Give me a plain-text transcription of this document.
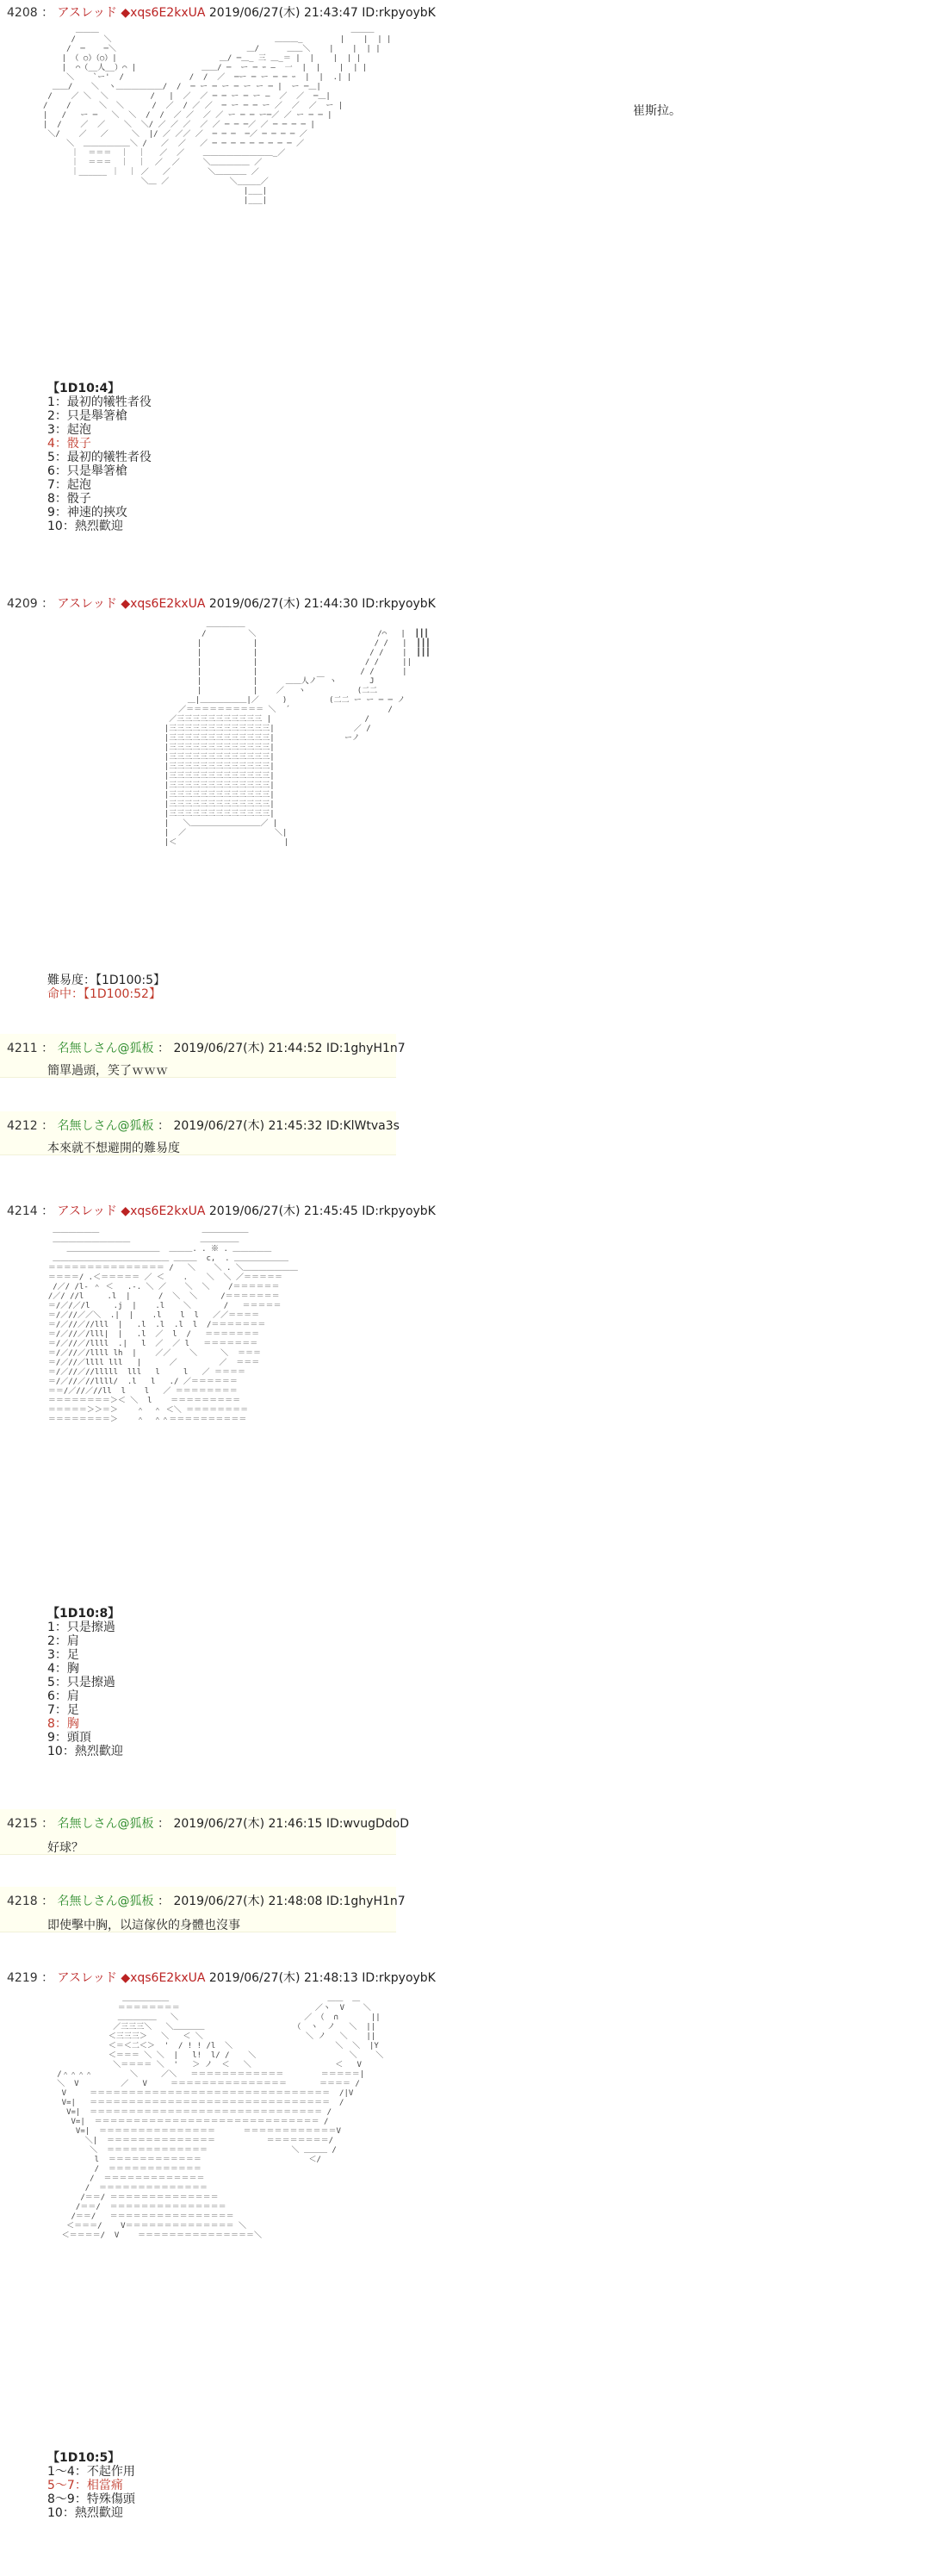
4208 ： アスレッド ◆xqs6E2kxUA 2019/06/27(木) 21:43:47 ID:rkpyoybK
＿＿＿                                                      ＿＿＿
/      ＼                                   ＿＿＿_        |    |  | |
/  ─    ─＼                            ＿/　　　 ＿＿＼    |    |  | |
| （ ○）（○）|                      ＿/ ─＿_ 三 ＿_＝ |  |    |  | |
|  ⌒（__人__）⌒ |              ＿＿/ ─  ー ─ ｰ ―  一  |  |    |  | |
＼    `ー'  /              /  /  ／  ─ー ─ ー ─ ─ ｰ  |  |  .| |
＿＿/    ＼  ヽ＿＿＿＿＿＿/  /  ─ ー ─ ー ─ ー ー ─ |  ー ─＿|
/    ／ ＼  ＼         /   |  ／  ／ ─ ─ ー ─ ー ―  ／  ／  ─＿|
/    /      ＼  ＼      /  ／  / ／ ／  ─ ー ─ ─ ー ／  ／  ／  ー |
|   /   ー ─   ＼  ＼  /  /  ／ ／  ／ ／ ー ─ ─ ー─／ ／ ー ─ ─ |
|  /    ／  ／    ＼  ＼/ ／ ／ ／  ／ ／ ─ ─ ─／ ／ ─ ─ ─ ─ |
＼/    ／   ／     ＼  |/ ／ ／／ ／  ─ ─ ─  ─／ ─ ─ ─ ─ ／
＼  ＿＿＿＿＿＿＼ /   ／  ／   ／ ─ ─ ─ ─ ─ ─ ─ ─ ─ ／
｜  ＝＝＝  ｜  ｜   ／  ／    ＿＿＿＿＿＿＿＿＿_／
｜  ＝＝＝  ｜  ｜  ／  ／     ＼＿＿＿＿＿ ／
｜______ ｜  ｜ ／   ／        ＼＿＿＿＿ ／
＼＿ ／             ＼_____／
|___|
|___|
崔斯拉。
【1D10:4】
1：最初的犧牲者役
2：只是舉箸槍
3：起泡
4：骰子
5：最初的犧牲者役
6：只是舉箸槍
7：起泡
8：骰子
9：神速的挾攻
10：熱烈歡迎
4209 ： アスレッド ◆xqs6E2kxUA 2019/06/27(木) 21:44:30 ID:rkpyoybK
＿＿＿＿＿
/         ＼                          /⌒   |  ┃┃┃
|           |                         / /   |  ┃┃┃
|           |                        / /    |  ┃┃┃
|           |                       / /     ||
|           |                      / /      |
|           |      ＿＿人ノ￣ ヽ       J
|           |    ／   ヽ           (二二
＿|＿＿＿＿＿＿|／     )         (二二 ー ー ─ ─ ノ
／＝＝＝＝＝＝＝＝＝＝ ＼  ´                     /
／三三三三三三三三三三三 |                    /
|三三三三三三三三三三三三三|                 ／ /
|三三三三三三三三三三三三三|               ーノ
|三三三三三三三三三三三三三|
|三三三三三三三三三三三三三|
|三三三三三三三三三三三三三|
|三三三三三三三三三三三三三|
|三三三三三三三三三三三三三|
|三三三三三三三三三三三三三|
|三三三三三三三三三三三三三|
|三三三三三三三三三三三三三|
|   ＼＿＿＿＿＿＿＿＿＿／ |
|  ／                   ＼|
|＜                       |
難易度：【1D100:5】
命中：【1D100:52】
4211 ： 名無しさん@狐板 ： 2019/06/27(木) 21:44:52 ID:1ghyH1n7
簡單過頭，笑了ｗｗｗ
4212 ： 名無しさん@狐板 ： 2019/06/27(木) 21:45:32 ID:KlWtva3s
本來就不想避開的難易度
4214 ： アスレッド ◆xqs6E2kxUA 2019/06/27(木) 21:45:45 ID:rkpyoybK
＿＿＿＿＿＿                      ＿＿＿＿＿＿
＿＿＿＿＿＿＿＿＿＿               ＿＿＿＿＿
＿＿＿＿＿＿＿＿＿＿＿＿  ＿＿＿. . ※ . ＿＿＿＿＿
＿＿＿＿＿＿＿＿＿＿＿＿＿＿＿ ＿＿＿  c,  . ＿＿＿＿＿＿＿
＝＝＝＝＝＝＝＝＝＝＝＝＝＝＝ /   ＼    ＼ . ＼＿＿＿＿＿＿＿
＝＝＝＝/ .＜＝＝＝＝＝ ／ ＜    .    ＼  ＼ ／＝＝＝＝＝
/／/ /l- ＾ ＜   .-. ＼ ／    ＼  ＼    /＝＝＝＝＝＝
/／/ //l     .l  |      /  ＼  ＼     /＝＝＝＝＝＝＝
＝/／/／/l     .j  |    .l    ＼       /   ＝＝＝＝＝
＝/／//／／＼  .|  |    .l    l  l   ／／＝＝＝＝
＝/／//／//lll  |   .l  .l  .l  l  /＝＝＝＝＝＝＝
＝/／//／/lll|  |   .l  ／  l  /   ＝＝＝＝＝＝＝
＝/／//／/llll  .|   l  ／  ／ l   ＝＝＝＝＝＝＝
＝/／//／/llll lh  |    ／／    ＼     ＼  ＝＝＝
＝/／//／llll lll   |      ／         ／  ＝＝＝
＝/／//／//lllll  lll   l     l   ／ ＝＝＝＝
＝/／//／//llll/  .l   l   ./ ／＝＝＝＝＝＝
＝＝/／//／//ll  l    l   ／ ＝＝＝＝＝＝＝＝
＝＝＝＝＝＝＝＝＞＜ ＼  l    ＝＝＝＝＝＝＝＝＝
＝＝＝＝＝＞＞＝＞    ＾  ＾ ＜＼ ＝＝＝＝＝＝＝＝
＝＝＝＝＝＝＝＝＞    ＾  ＾＾＝＝＝＝＝＝＝＝＝＝
【1D10:8】
1：只是擦過
2：肩
3：足
4：胸
5：只是擦過
6：肩
7：足
8：胸
9：頭頂
10：熱烈歡迎
4215 ： 名無しさん@狐板 ： 2019/06/27(木) 21:46:15 ID:wvugDdoD
好球？
4218 ： 名無しさん@狐板 ： 2019/06/27(木) 21:48:08 ID:1ghyH1n7
即使擊中胸，以這傢伙的身體也沒事
4219 ： アスレッド ◆xqs6E2kxUA 2019/06/27(木) 21:48:13 ID:rkpyoybK
＿＿＿＿＿＿                                  ＿＿  ＿
＝＝＝＝＝＝＝＝                             ／ヽ  V    ＼
＿＿＿＿＿   ＼                           ／ （  ∩       ||
／三三三＼   ＼＿＿＿＿                   （  ヽ  ノ   ＼  ||
＜三三三＞   ＼   ＜ ＼                      ＼ ノ   ＼    ||
＜＝＜二＜＞  '  / ! ! /l  ＼                      ＼  ＼  |Y
＜＝＝＝ ＼ ＼  |   l!  l/ /    ＼                    ＼    ＼
＼＝＝＝＝ ＼  '   ＞ ノ  ＜   ＼                  ＜   V
/＾＾＾＾        ＼     ／＼   ＝＝＝＝＝＝＝＝＝＝＝＝        ＝＝＝＝＝|
＼  V         ／   V     ＝＝＝＝＝＝＝＝＝＝＝＝＝＝＝       ＝＝＝＝ /
V     ＝＝＝＝＝＝＝＝＝＝＝＝＝＝＝＝＝＝＝＝＝＝＝＝＝＝＝＝＝＝＝  /|V
V=|   ＝＝＝＝＝＝＝＝＝＝＝＝＝＝＝＝＝＝＝＝＝＝＝＝＝＝＝＝＝＝＝  /
V=|  ＝＝＝＝＝＝＝＝＝＝＝＝＝＝＝＝＝＝＝＝＝＝＝＝＝＝＝＝＝＝ /
V=|  ＝＝＝＝＝＝＝＝＝＝＝＝＝＝＝＝＝＝＝＝＝＝＝＝＝＝＝＝＝ /
V=|  ＝＝＝＝＝＝＝＝＝＝＝＝＝＝＝      ＝＝＝＝＝＝＝＝＝＝＝＝V
＼|  ＝＝＝＝＝＝＝＝＝＝＝＝＝＝           ＝＝＝＝＝＝＝＝/
＼  ＝＝＝＝＝＝＝＝＝＝＝＝＝                  ＼ ＿＿＿ /
l  ＝＝＝＝＝＝＝＝＝＝＝＝                       ＜/
/  ＝＝＝＝＝＝＝＝＝＝＝＝
/  ＝＝＝＝＝＝＝＝＝＝＝＝＝
/  ＝＝＝＝＝＝＝＝＝＝＝＝＝＝
/＝＝/ ＝＝＝＝＝＝＝＝＝＝＝＝＝＝
/＝＝/  ＝＝＝＝＝＝＝＝＝＝＝＝＝＝＝
/＝＝/   ＝＝＝＝＝＝＝＝＝＝＝＝＝＝＝＝
＜＝＝＝/    V＝＝＝＝＝＝＝＝＝＝＝＝＝＝ ＼
＜＝＝＝＝/  V    ＝＝＝＝＝＝＝＝＝＝＝＝＝＝＝＼
【1D10:5】
1～4：不起作用
5～7：相當痛
8～9：特殊傷頭
10：熱烈歡迎
